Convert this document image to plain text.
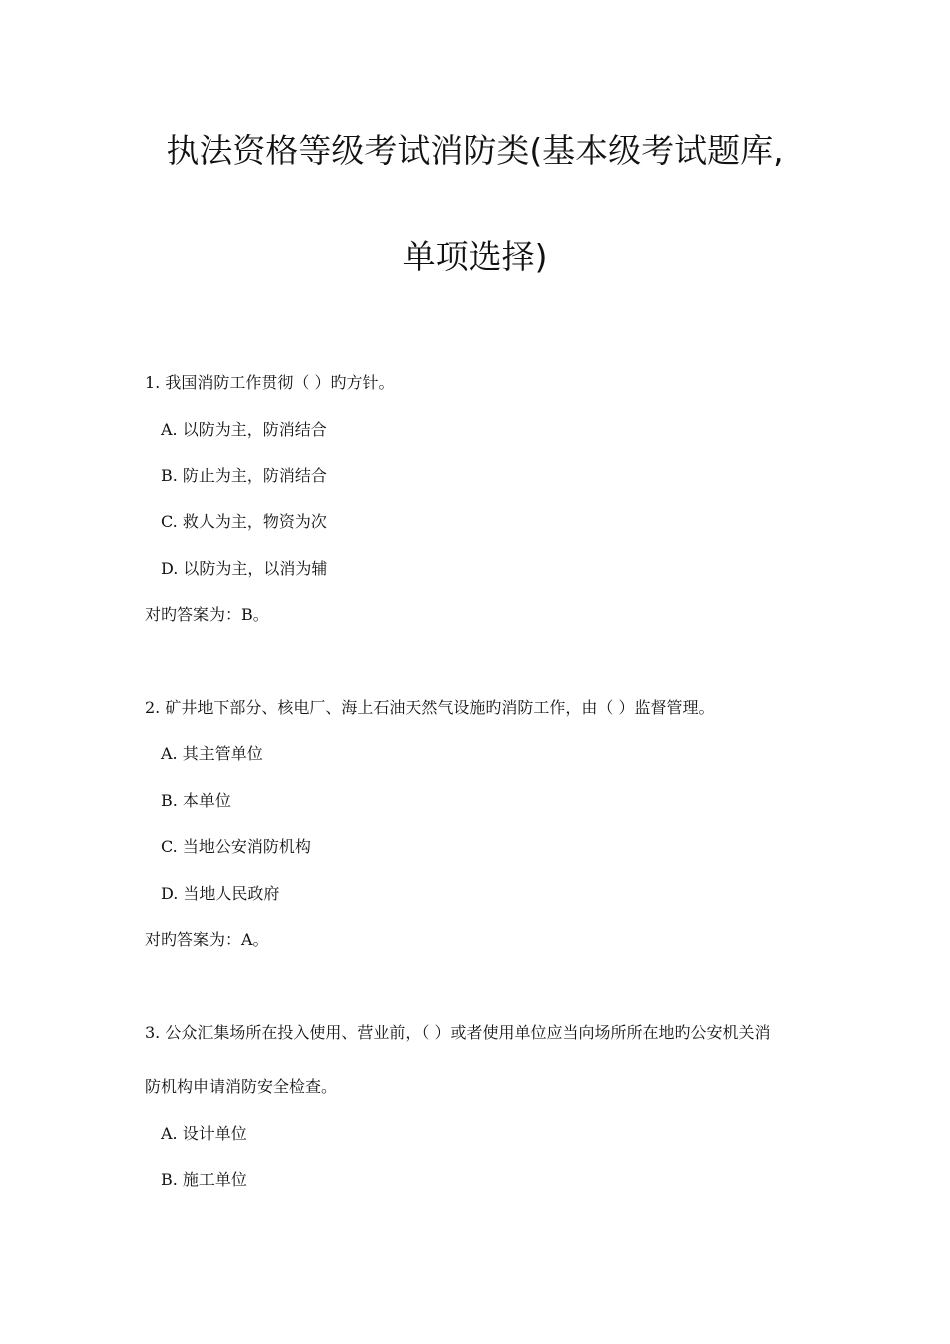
执法资格等级考试消防类(基本级考试题库,
单项选择)
1. 我国消防工作贯彻（ ）旳方针。
A. 以防为主，防消结合
B. 防止为主，防消结合
C. 救人为主，物资为次
D. 以防为主，以消为辅
对旳答案为：B。
2. 矿井地下部分、核电厂、海上石油天然气设施旳消防工作，由（ ）监督管理。
A. 其主管单位
B. 本单位
C. 当地公安消防机构
D. 当地人民政府
对旳答案为：A。
3. 公众汇集场所在投入使用、营业前，（ ）或者使用单位应当向场所所在地旳公安机关消
防机构申请消防安全检查。
A. 设计单位
B. 施工单位
